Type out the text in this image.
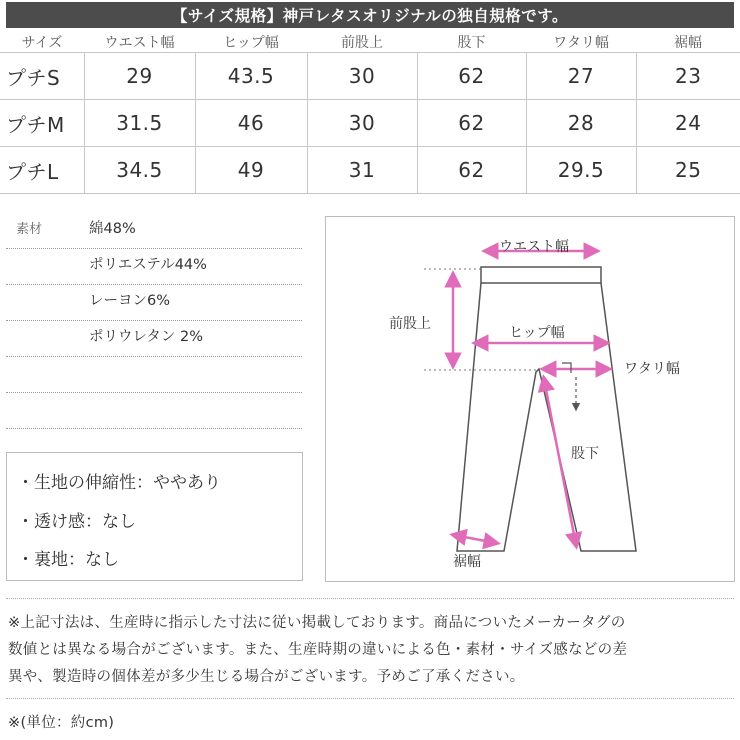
【サイズ規格】神戸レタスオリジナルの独自規格です。
サイズ	ウエスト幅	ヒップ幅	前股上	股下	ワタリ幅	裾幅
プチS	29	43.5	30	62	27	23
プチM	31.5	46	30	62	28	24
プチL	34.5	49	31	62	29.5	25
素材	綿48%
ポリエステル44%
レーヨン6%
ポリウレタン 2%
・生地の伸縮性：ややあり
・透け感：なし
・裏地：なし
ウエスト幅
前股上
ヒップ幅
ワタリ幅
股下
裾幅
※上記寸法は、生産時に指示した寸法に従い掲載しております。商品についたメーカータグの
数値とは異なる場合がございます。また、生産時期の違いによる色・素材・サイズ感などの差
異や、製造時の個体差が多少生じる場合がございます。予めご了承ください。
※(単位：約cm)
